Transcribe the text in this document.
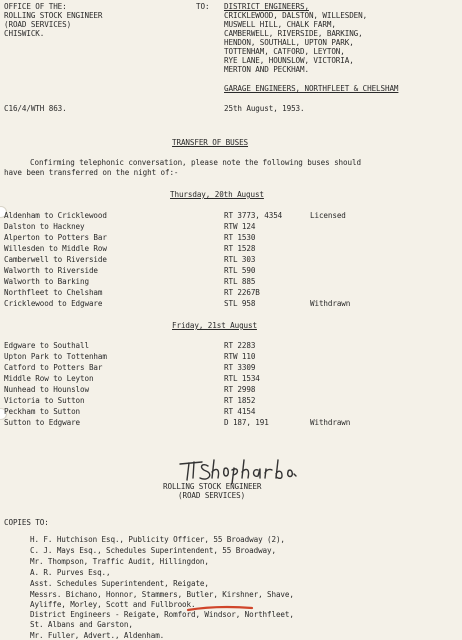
OFFICE OF THE:
ROLLING STOCK ENGINEER
(ROAD SERVICES)
CHISWICK.
TO: DISTRICT ENGINEERS,
CRICKLEWOOD, DALSTON, WILLESDEN,
MUSWELL HILL, CHALK FARM,
CAMBERWELL, RIVERSIDE, BARKING,
HENDON, SOUTHALL, UPTON PARK,
TOTTENHAM, CATFORD, LEYTON,
RYE LANE, HOUNSLOW, VICTORIA,
MERTON AND PECKHAM.
GARAGE ENGINEERS, NORTHFLEET & CHELSHAM
C16/4/WTH 863.	25th August, 1953.
TRANSFER OF BUSES
Confirming telephonic conversation, please note the following buses should
have been transferred on the night of:-
Thursday, 20th August
Aldenham to Cricklewood	RT 3773, 4354	Licensed
Dalston to Hackney	RTW 124
Alperton to Potters Bar	RT 1530
Willesden to Middle Row	RT 1528
Camberwell to Riverside	RTL 303
Walworth to Riverside	RTL 590
Walworth to Barking	RTL 885
Northfleet to Chelsham	RT 2267B
Cricklewood to Edgware	STL 958	Withdrawn
Friday, 21st August
Edgware to Southall	RT 2283
Upton Park to Tottenham	RTW 110
Catford to Potters Bar	RT 3309
Middle Row to Leyton	RTL 1534
Nunhead to Hounslow	RT 2998
Victoria to Sutton	RT 1852
Peckham to Sutton	RT 4154
Sutton to Edgware	D 187, 191	Withdrawn
ROLLING STOCK ENGINEER
(ROAD SERVICES)
COPIES TO:
H. F. Hutchison Esq., Publicity Officer, 55 Broadway (2),
C. J. Mays Esq., Schedules Superintendent, 55 Broadway,
Mr. Thompson, Traffic Audit, Hillingdon,
A. R. Purves Esq.,
Asst. Schedules Superintendent, Reigate,
Messrs. Bichano, Honnor, Stammers, Butler, Kirshner, Shave,
Ayliffe, Morley, Scott and Fullbrook.
District Engineers - Reigate, Romford, Windsor, Northfleet,
St. Albans and Garston,
Mr. Fuller, Advert., Aldenham.
